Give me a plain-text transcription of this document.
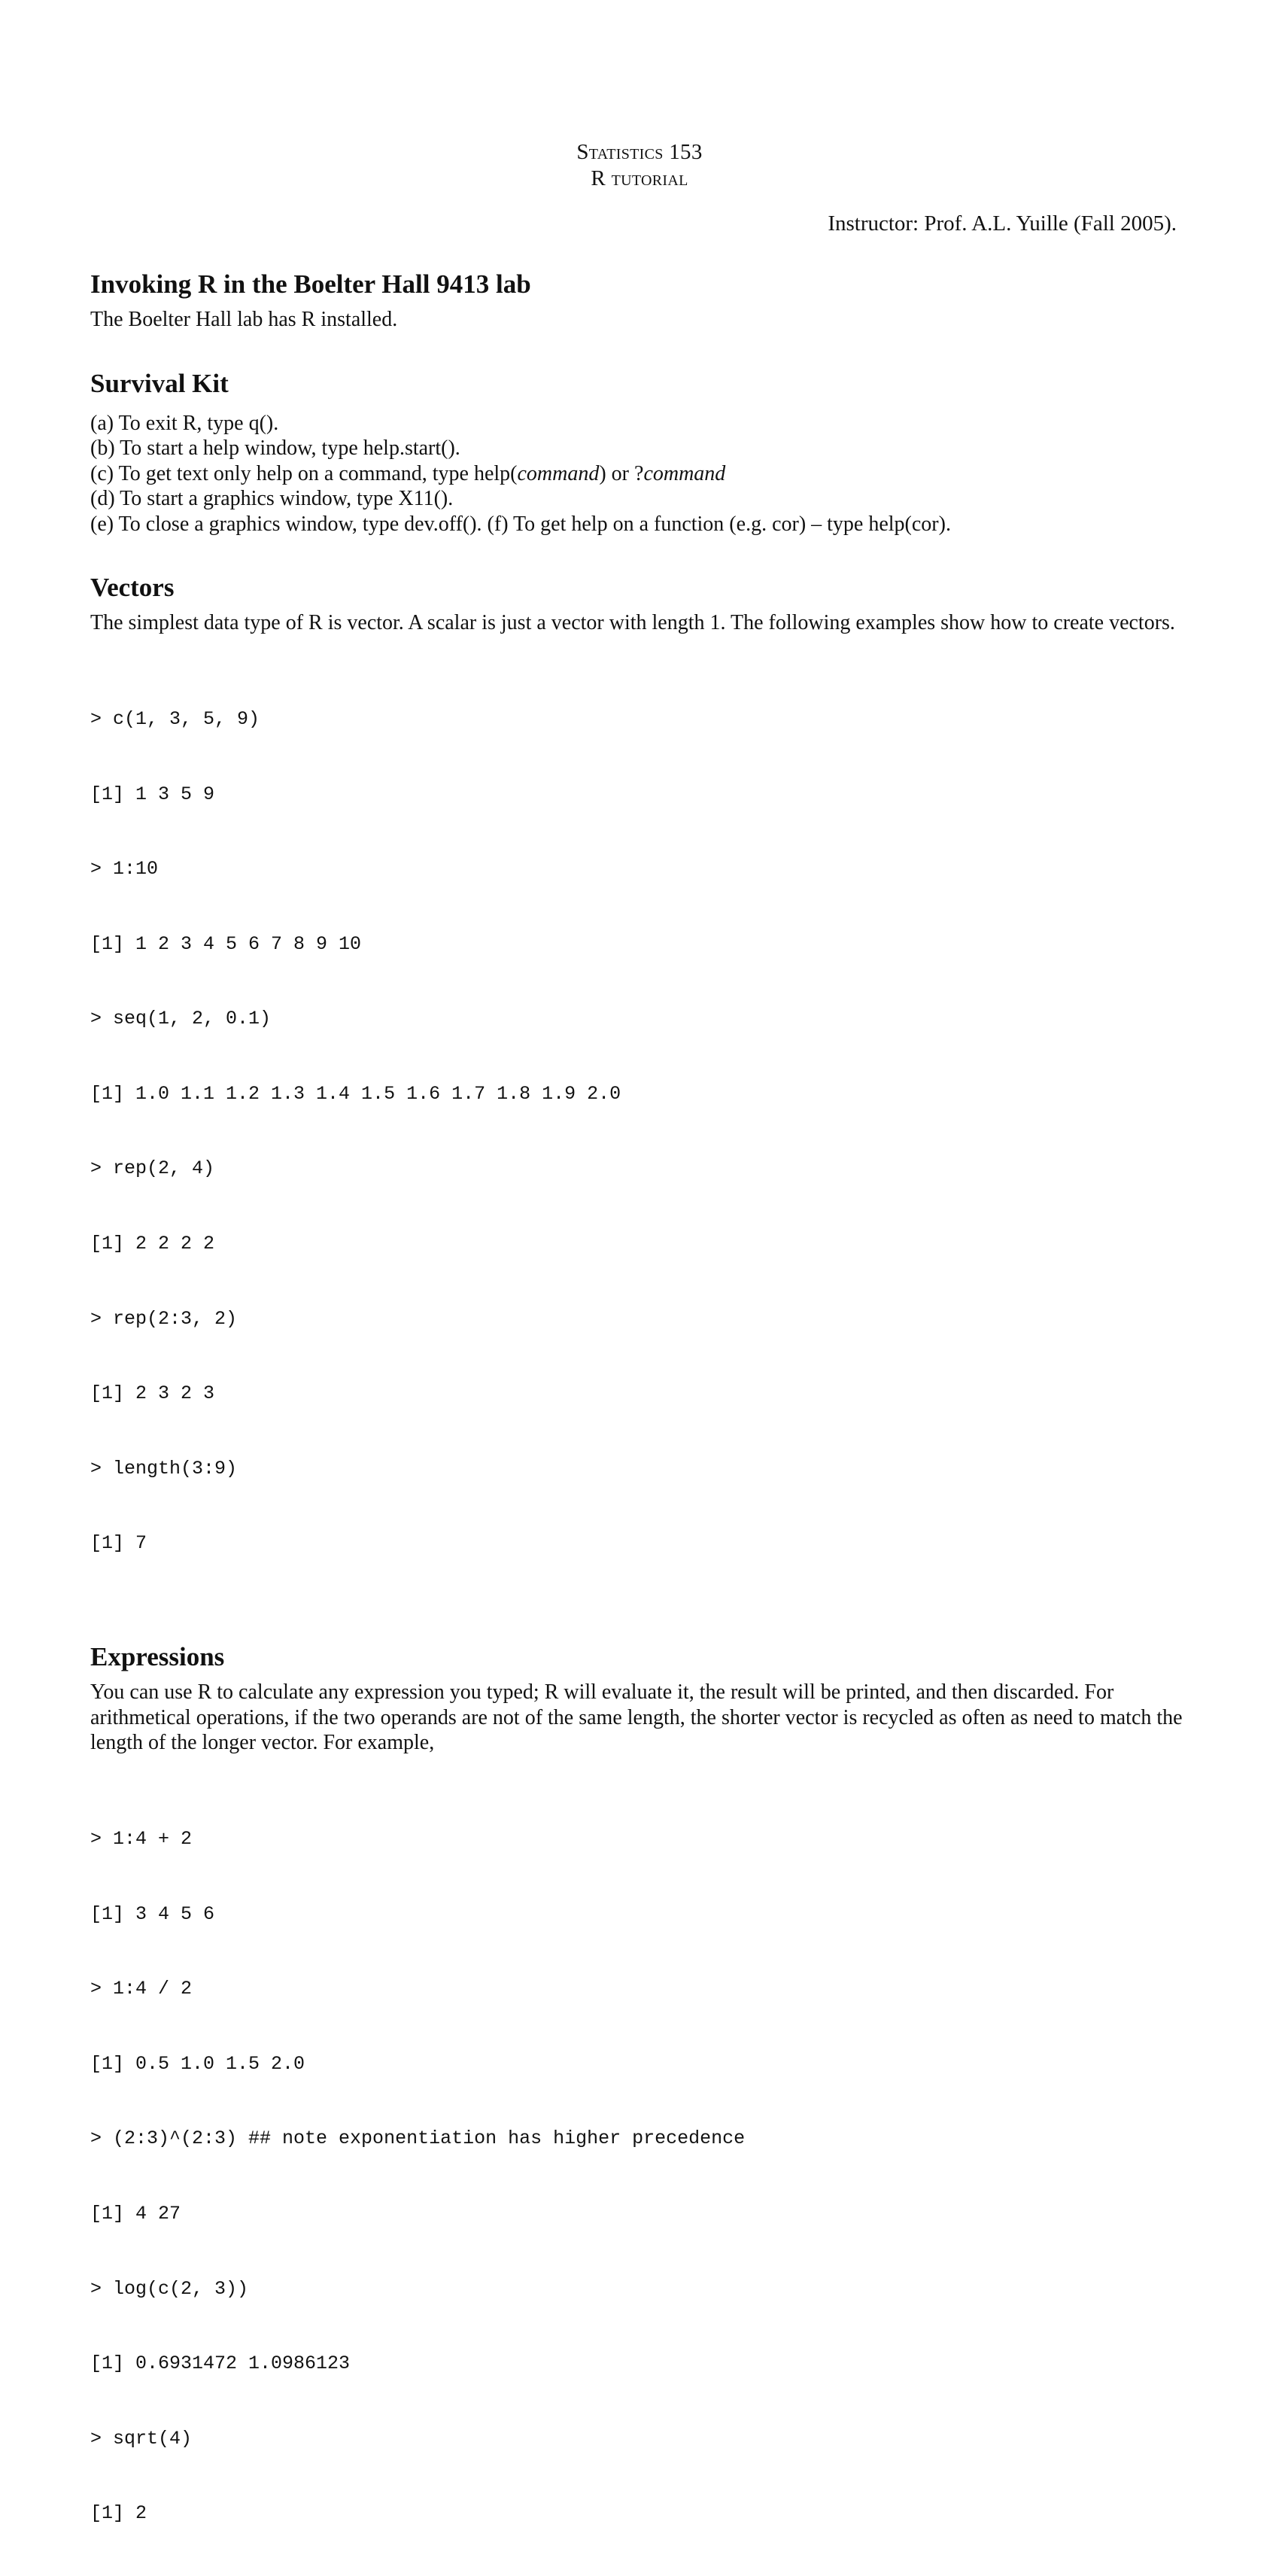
Statistics 153
R tutorial
Instructor: Prof. A.L. Yuille (Fall 2005).
Invoking R in the Boelter Hall 9413 lab

The Boelter Hall lab has R installed.

Survival Kit
(a) To exit R, type q().
(b) To start a help window, type help.start().
(c) To get text only help on a command, type help(command) or ?command
(d) To start a graphics window, type X11().
(e) To close a graphics window, type dev.off(). (f) To get help on a function (e.g. cor) – type help(cor).
Vectors

The simplest data type of R is vector. A scalar is just a vector with length 1. The following examples show how to create vectors.

> c(1, 3, 5, 9)

[1] 1 3 5 9

> 1:10

[1] 1 2 3 4 5 6 7 8 9 10

> seq(1, 2, 0.1)

[1] 1.0 1.1 1.2 1.3 1.4 1.5 1.6 1.7 1.8 1.9 2.0

> rep(2, 4)

[1] 2 2 2 2

> rep(2:3, 2)

[1] 2 3 2 3

> length(3:9)

[1] 7

Expressions

You can use R to calculate any expression you typed; R will evaluate it, the result will be printed, and then discarded. For arithmetical operations, if the two operands are not of the same length, the shorter vector is recycled as often as need to match the length of the longer vector. For example,

> 1:4 + 2

[1] 3 4 5 6

> 1:4 / 2

[1] 0.5 1.0 1.5 2.0

> (2:3)^(2:3) ## note exponentiation has higher precedence

[1] 4 27

> log(c(2, 3))

[1] 0.6931472 1.0986123

> sqrt(4)

[1] 2
